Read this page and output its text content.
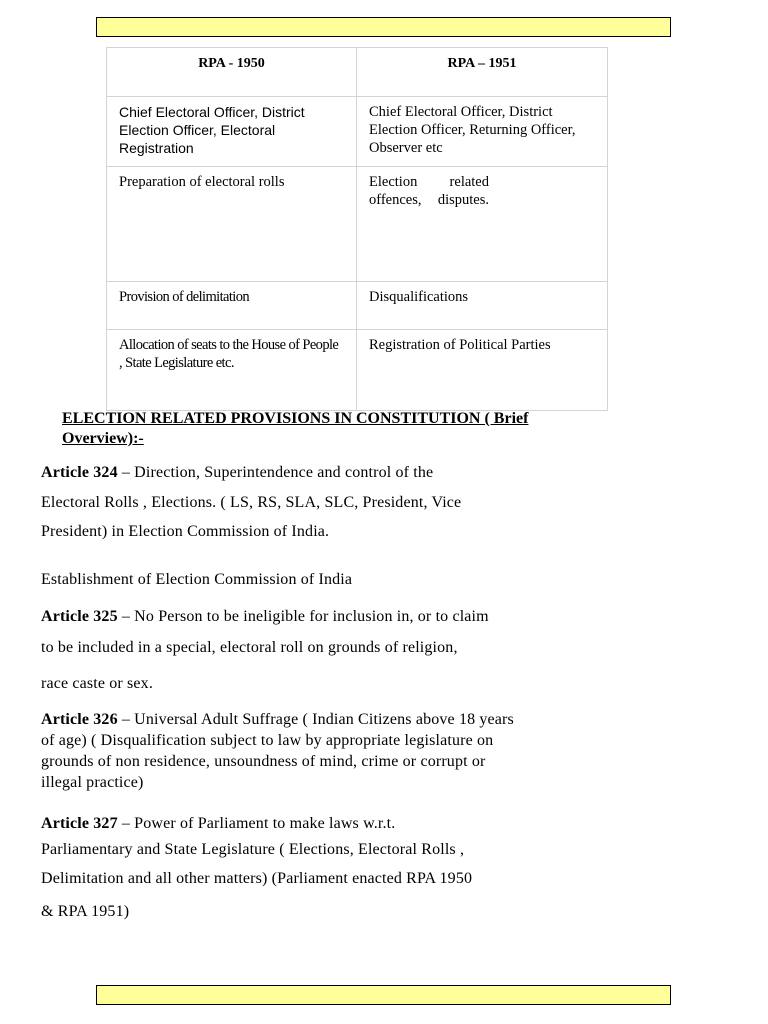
RPA - 1950	RPA – 1951
Chief Electoral Officer, District Election Officer, Electoral Registration	Chief Electoral Officer, District Election Officer, Returning Officer, Observer etc
Preparation of electoral rolls	Election related offences, disputes.

Provision of delimitation	Disqualifications
Allocation of seats to the House of People , State Legislature etc.	Registration of Political Parties
ELECTION RELATED PROVISIONS IN CONSTITUTION ( Brief
Overview):-
Article 324 – Direction, Superintendence and control of the
Electoral Rolls , Elections. ( LS, RS, SLA, SLC, President, Vice
President) in Election Commission of India.
Establishment of Election Commission of India
Article 325 – No Person to be ineligible for inclusion in, or to claim
to be included in a special, electoral roll on grounds of religion,
race caste or sex.
Article 326 – Universal Adult Suffrage ( Indian Citizens above 18 years
of age) ( Disqualification subject to law by appropriate legislature on
grounds of non residence, unsoundness of mind, crime or corrupt or
illegal practice)
Article 327 – Power of Parliament to make laws w.r.t.
Parliamentary and State Legislature ( Elections, Electoral Rolls ,
Delimitation and all other matters) (Parliament enacted RPA 1950
& RPA 1951)
